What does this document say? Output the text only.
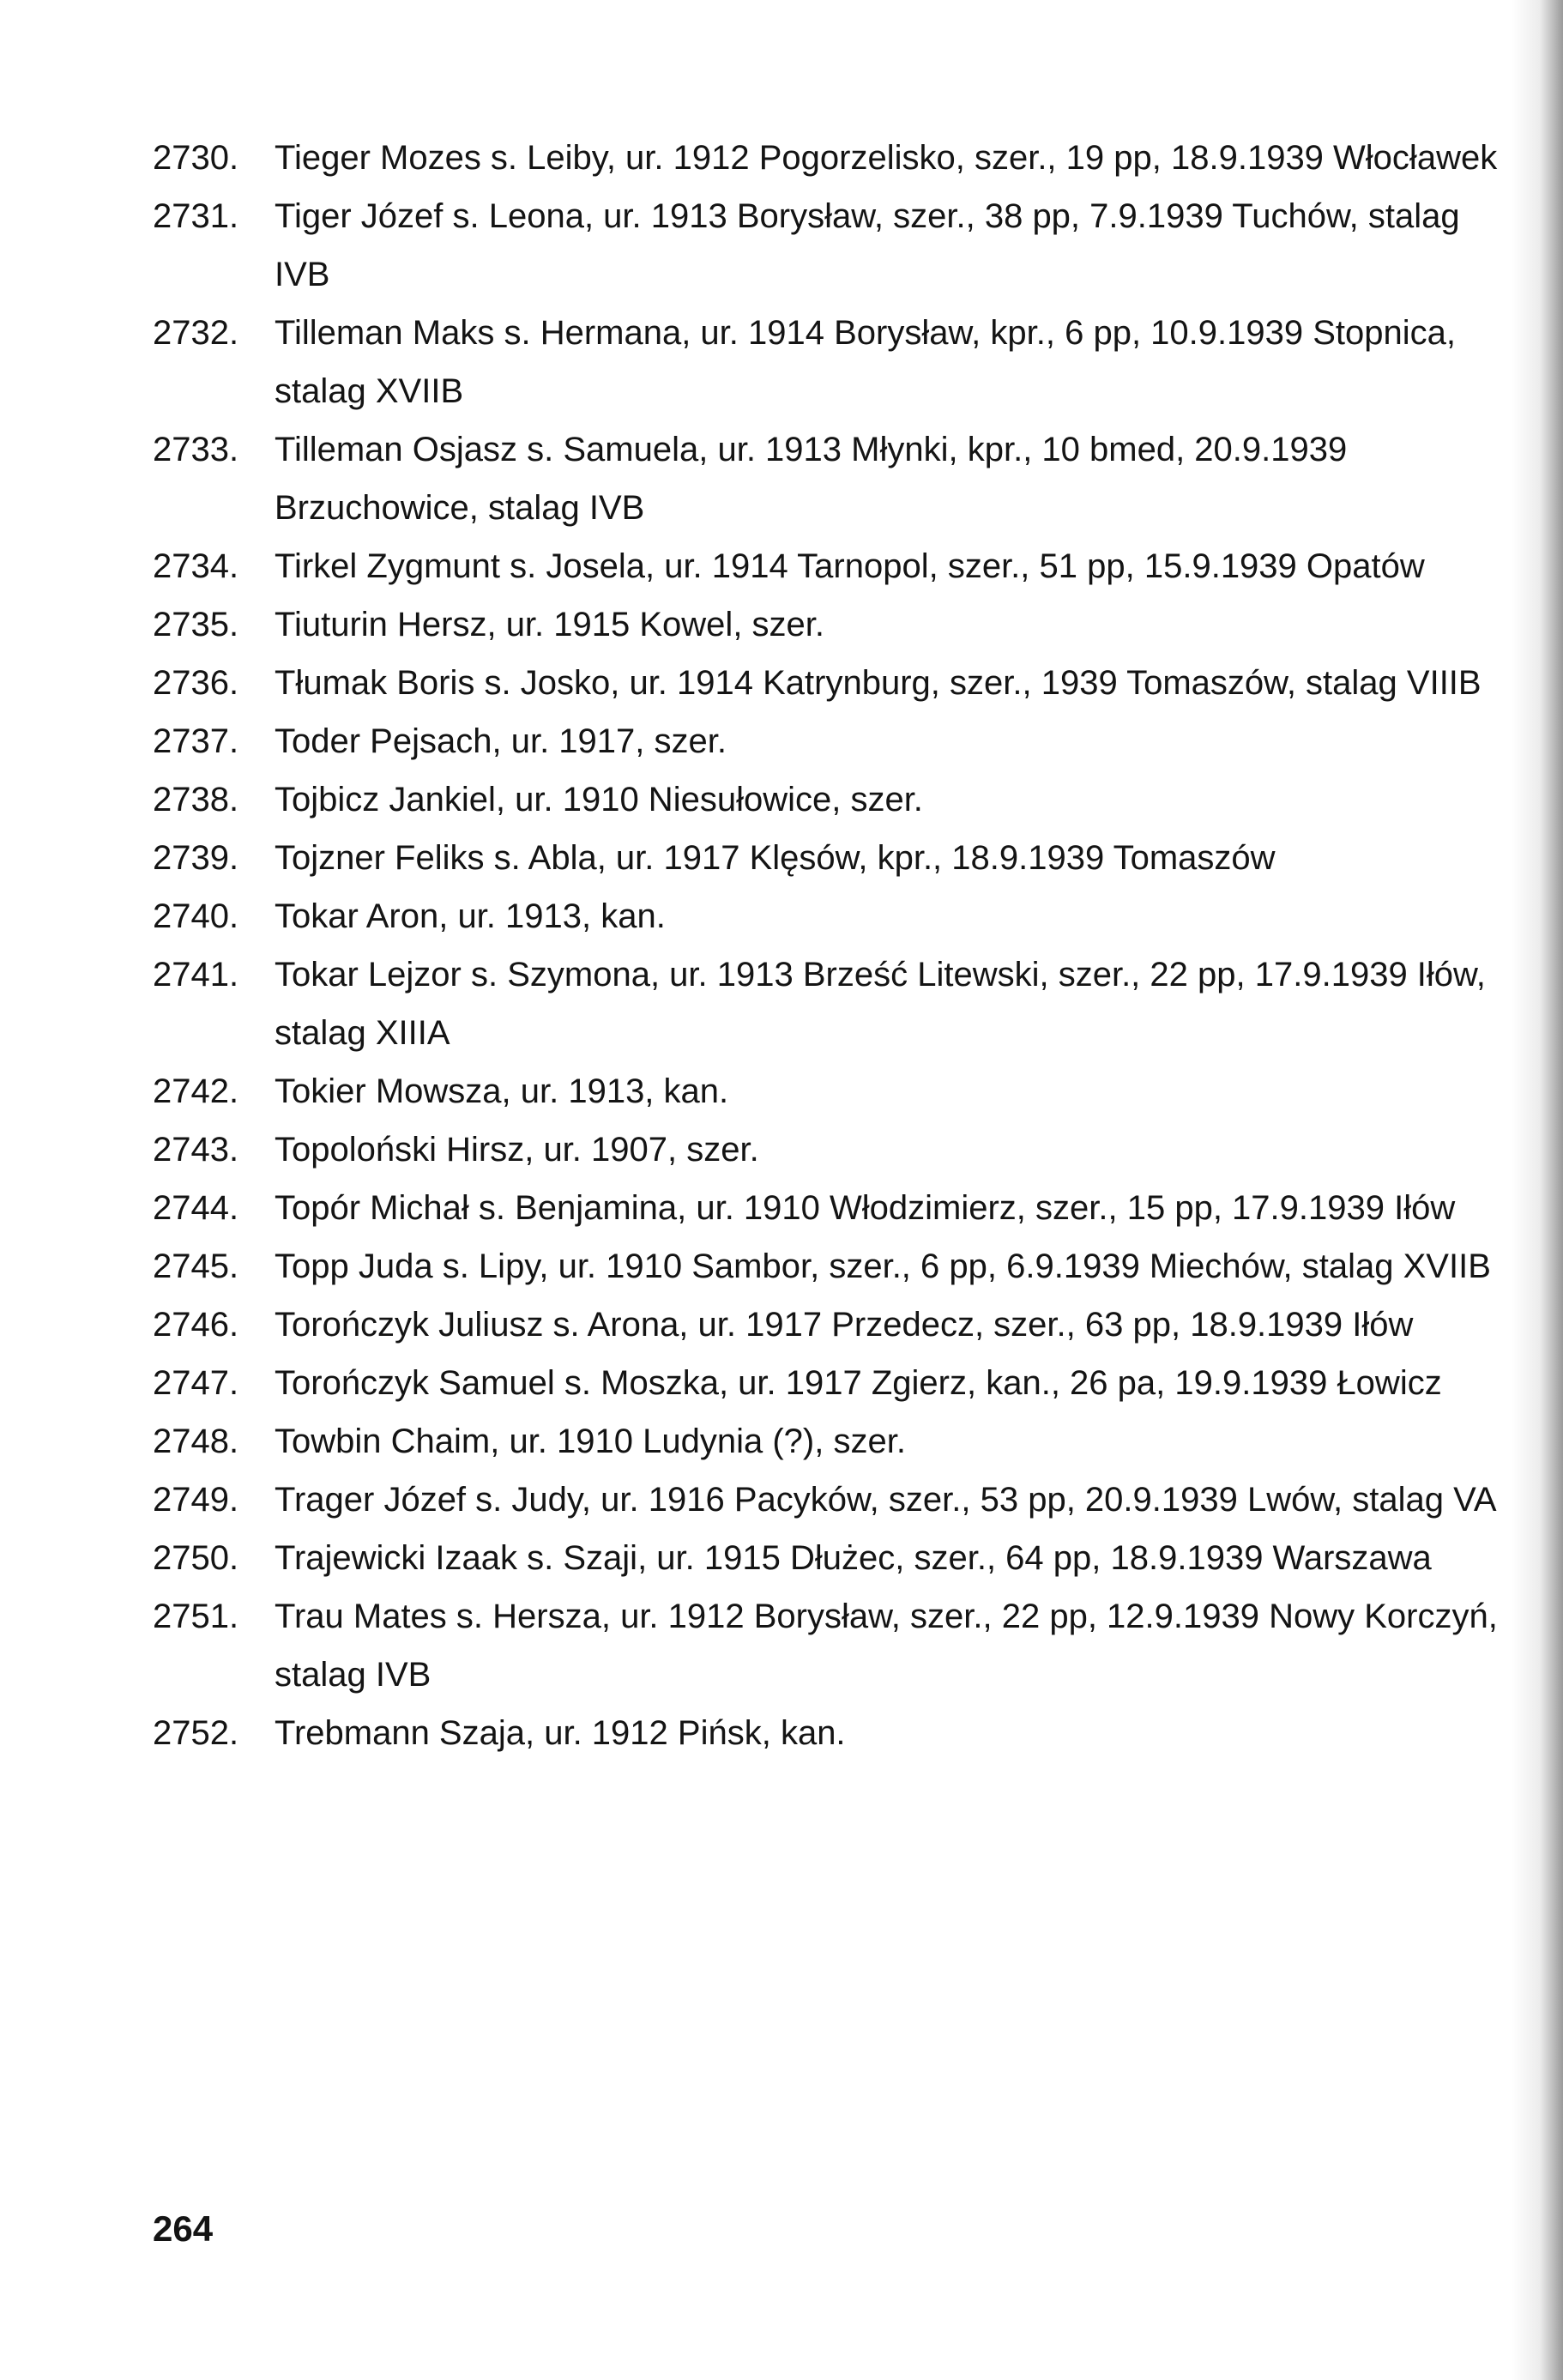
2730.	Tieger Mozes s. Leiby, ur. 1912 Pogorzelisko, szer., 19 pp, 18.9.1939 Włocławek
2731.	Tiger Józef s. Leona, ur. 1913 Borysław, szer., 38 pp, 7.9.1939 Tuchów, stalag IVB
2732.	Tilleman Maks s. Hermana, ur. 1914 Borysław, kpr., 6 pp, 10.9.1939 Stopnica, stalag XVIIB
2733.	Tilleman Osjasz s. Samuela, ur. 1913 Młynki, kpr., 10 bmed, 20.9.1939 Brzuchowice, stalag IVB
2734.	Tirkel Zygmunt s. Josela, ur. 1914 Tarnopol, szer., 51 pp, 15.9.1939 Opatów
2735.	Tiuturin Hersz, ur. 1915 Kowel, szer.
2736.	Tłumak Boris s. Josko, ur. 1914 Katrynburg, szer., 1939 Tomaszów, stalag VIIIB
2737.	Toder Pejsach, ur. 1917, szer.
2738.	Tojbicz Jankiel, ur. 1910 Niesułowice, szer.
2739.	Tojzner Feliks s. Abla, ur. 1917 Klęsów, kpr., 18.9.1939 Tomaszów
2740.	Tokar Aron, ur. 1913, kan.
2741.	Tokar Lejzor s. Szymona, ur. 1913 Brześć Litewski, szer., 22 pp, 17.9.1939 Iłów, stalag XIIIA
2742.	Tokier Mowsza, ur. 1913, kan.
2743.	Topoloński Hirsz, ur. 1907, szer.
2744.	Topór Michał s. Benjamina, ur. 1910 Włodzimierz, szer., 15 pp, 17.9.1939 Iłów
2745.	Topp Juda s. Lipy, ur. 1910 Sambor, szer., 6 pp, 6.9.1939 Miechów, stalag XVIIB
2746.	Torończyk Juliusz s. Arona, ur. 1917 Przedecz, szer., 63 pp, 18.9.1939 Iłów
2747.	Torończyk Samuel s. Moszka, ur. 1917 Zgierz, kan., 26 pa, 19.9.1939 Łowicz
2748.	Towbin Chaim, ur. 1910 Ludynia (?), szer.
2749.	Trager Józef s. Judy, ur. 1916 Pacyków, szer., 53 pp, 20.9.1939 Lwów, stalag VA
2750.	Trajewicki Izaak s. Szaji, ur. 1915 Dłużec, szer., 64 pp, 18.9.1939 Warszawa
2751.	Trau Mates s. Hersza, ur. 1912 Borysław, szer., 22 pp, 12.9.1939 Nowy Korczyń, stalag IVB
2752.	Trebmann Szaja, ur. 1912 Pińsk, kan.
264
